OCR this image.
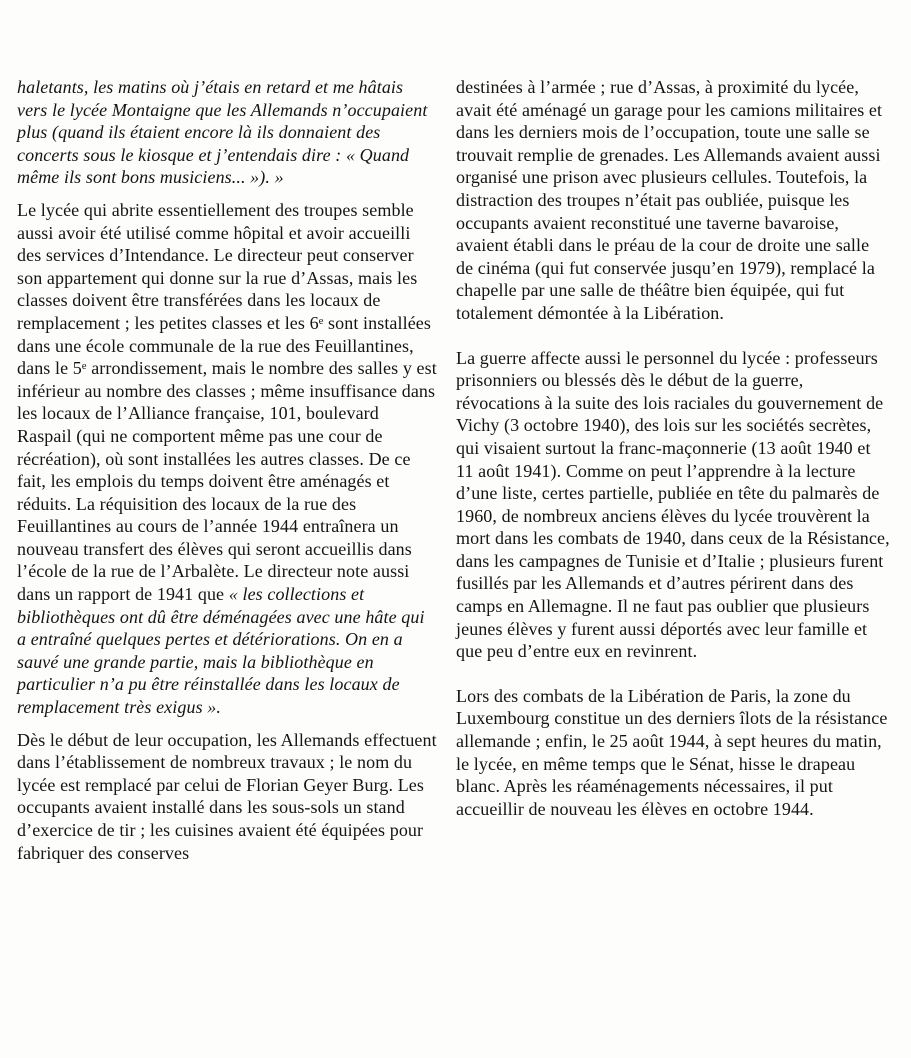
haletants, les matins où j’étais en retard et me hâtais vers le lycée Montaigne que les Allemands n’occupaient plus (quand ils étaient encore là ils donnaient des concerts sous le kiosque et j’entendais dire : « Quand même ils sont bons musiciens... »). »

Le lycée qui abrite essentiellement des troupes semble aussi avoir été utilisé comme hôpital et avoir accueilli des services d’Intendance. Le directeur peut conserver son appartement qui donne sur la rue d’Assas, mais les classes doivent être transférées dans les locaux de remplacement ; les petites classes et les 6ᵉ sont installées dans une école communale de la rue des Feuillantines, dans le 5ᵉ arrondissement, mais le nombre des salles y est inférieur au nombre des classes ; même insuffisance dans les locaux de l’Alliance française, 101, boulevard Raspail (qui ne comportent même pas une cour de récréation), où sont installées les autres classes. De ce fait, les emplois du temps doivent être aménagés et réduits. La réquisition des locaux de la rue des Feuillantines au cours de l’année 1944 entraînera un nouveau transfert des élèves qui seront accueillis dans l’école de la rue de l’Arbalète. Le directeur note aussi dans un rapport de 1941 que « les collections et bibliothèques ont dû être déménagées avec une hâte qui a entraîné quelques pertes et détériorations. On en a sauvé une grande partie, mais la bibliothèque en particulier n’a pu être réinstallée dans les locaux de remplacement très exigus ».

Dès le début de leur occupation, les Allemands effectuent dans l’établissement de nombreux travaux ; le nom du lycée est remplacé par celui de Florian Geyer Burg. Les occupants avaient installé dans les sous-sols un stand d’exercice de tir ; les cuisines avaient été équipées pour fabriquer des conserves

destinées à l’armée ; rue d’Assas, à proximité du lycée, avait été aménagé un garage pour les camions militaires et dans les derniers mois de l’occupation, toute une salle se trouvait remplie de grenades. Les Allemands avaient aussi organisé une prison avec plusieurs cellules. Toutefois, la distraction des troupes n’était pas oubliée, puisque les occupants avaient reconstitué une taverne bavaroise, avaient établi dans le préau de la cour de droite une salle de cinéma (qui fut conservée jusqu’en 1979), remplacé la chapelle par une salle de théâtre bien équipée, qui fut totalement démontée à la Libération.

La guerre affecte aussi le personnel du lycée : professeurs prisonniers ou blessés dès le début de la guerre, révocations à la suite des lois raciales du gouvernement de Vichy (3 octobre 1940), des lois sur les sociétés secrètes, qui visaient surtout la franc-maçonnerie (13 août 1940 et 11 août 1941). Comme on peut l’apprendre à la lecture d’une liste, certes partielle, publiée en tête du palmarès de 1960, de nombreux anciens élèves du lycée trouvèrent la mort dans les combats de 1940, dans ceux de la Résistance, dans les campagnes de Tunisie et d’Italie ; plusieurs furent fusillés par les Allemands et d’autres périrent dans des camps en Allemagne. Il ne faut pas oublier que plusieurs jeunes élèves y furent aussi déportés avec leur famille et que peu d’entre eux en revinrent.

Lors des combats de la Libération de Paris, la zone du Luxembourg constitue un des derniers îlots de la résistance allemande ; enfin, le 25 août 1944, à sept heures du matin, le lycée, en même temps que le Sénat, hisse le drapeau blanc. Après les réaménagements nécessaires, il put accueillir de nouveau les élèves en octobre 1944.
